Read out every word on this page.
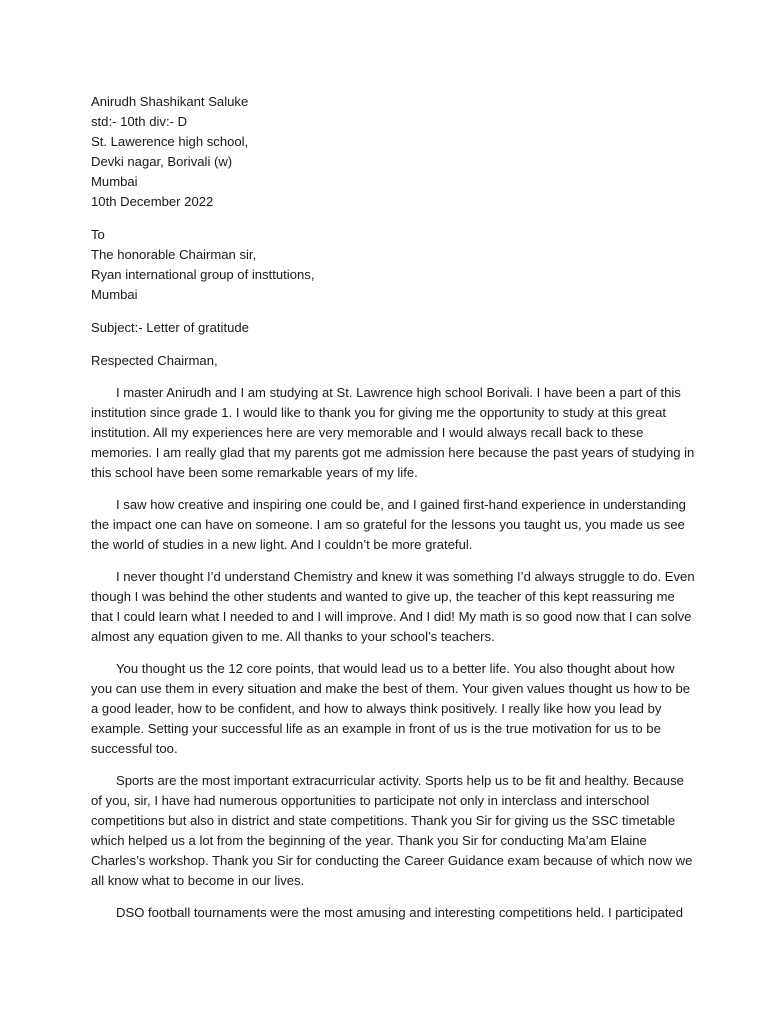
Anirudh Shashikant Saluke
std:- 10th div:- D
St. Lawerence high school,
Devki nagar, Borivali (w)
Mumbai
10th December 2022
To
The honorable Chairman sir,
Ryan international group of insttutions,
Mumbai
Subject:- Letter of gratitude
Respected Chairman,
I master Anirudh and I am studying at St. Lawrence high school Borivali. I have been a part of this
institution since grade 1. I would like to thank you for giving me the opportunity to study at this great
institution. All my experiences here are very memorable and I would always recall back to these
memories. I am really glad that my parents got me admission here because the past years of studying in
this school have been some remarkable years of my life.
I saw how creative and inspiring one could be, and I gained first-hand experience in understanding
the impact one can have on someone. I am so grateful for the lessons you taught us, you made us see
the world of studies in a new light. And I couldn’t be more grateful.
I never thought I’d understand Chemistry and knew it was something I’d always struggle to do. Even
though I was behind the other students and wanted to give up, the teacher of this kept reassuring me
that I could learn what I needed to and I will improve. And I did! My math is so good now that I can solve
almost any equation given to me. All thanks to your school’s teachers.
You thought us the 12 core points, that would lead us to a better life. You also thought about how
you can use them in every situation and make the best of them. Your given values thought us how to be
a good leader, how to be confident, and how to always think positively. I really like how you lead by
example. Setting your successful life as an example in front of us is the true motivation for us to be
successful too.
Sports are the most important extracurricular activity. Sports help us to be fit and healthy. Because
of you, sir, I have had numerous opportunities to participate not only in interclass and interschool
competitions but also in district and state competitions. Thank you Sir for giving us the SSC timetable
which helped us a lot from the beginning of the year. Thank you Sir for conducting Ma’am Elaine
Charles’s workshop. Thank you Sir for conducting the Career Guidance exam because of which now we
all know what to become in our lives.
DSO football tournaments were the most amusing and interesting competitions held. I participated
